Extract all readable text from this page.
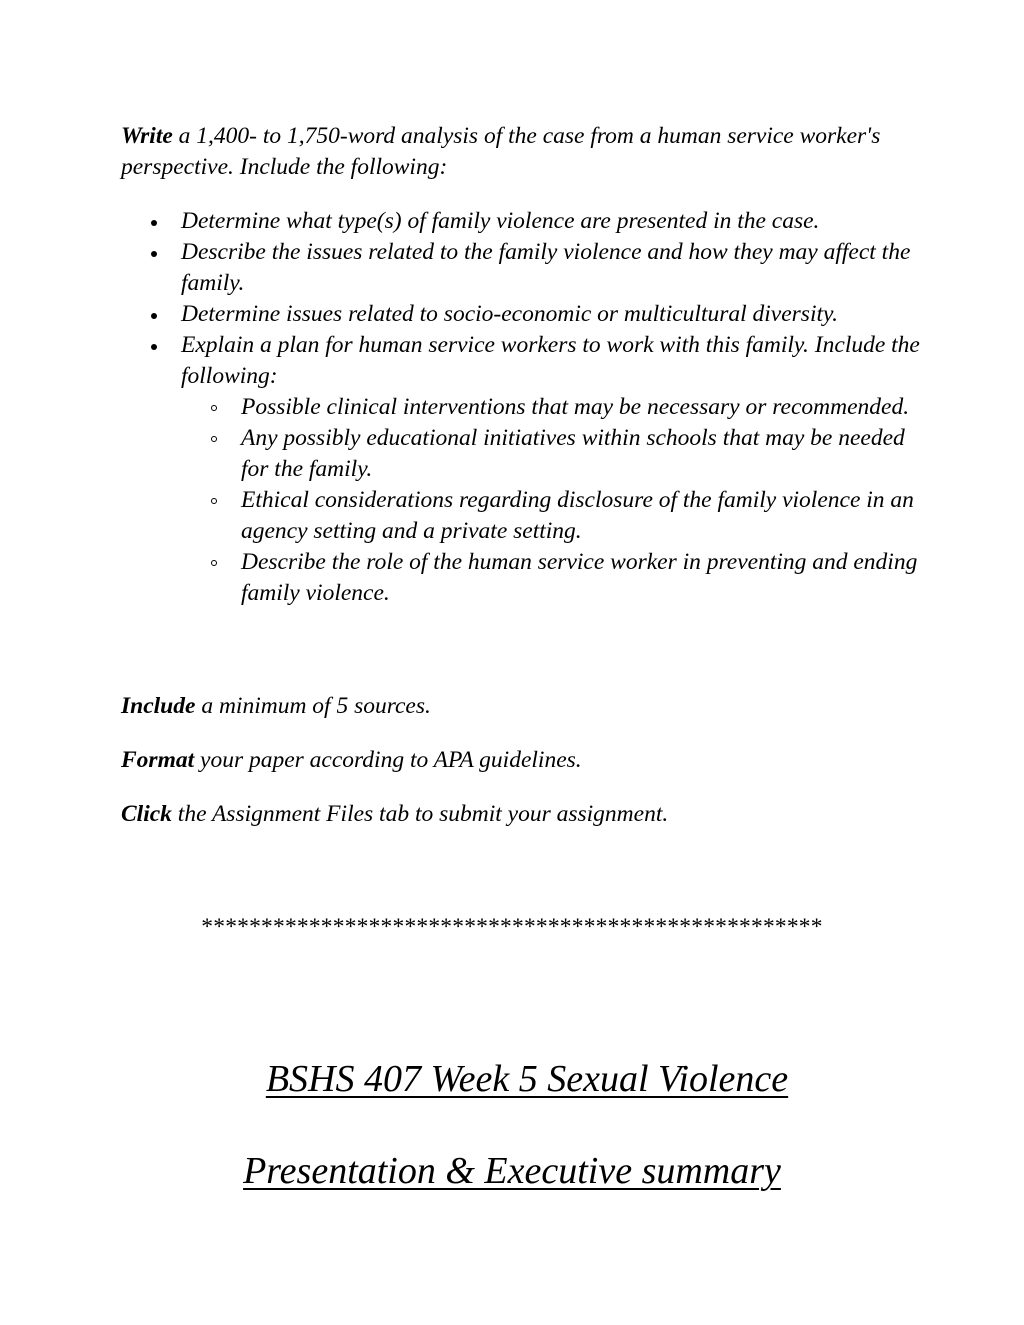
Write a 1,400- to 1,750-word analysis of the case from a human service worker's perspective. Include the following:

Determine what type(s) of family violence are presented in the case.
Describe the issues related to the family violence and how they may affect the family.
Determine issues related to socio-economic or multicultural diversity.
Explain a plan for human service workers to work with this family. Include the following:
Possible clinical interventions that may be necessary or recommended.
Any possibly educational initiatives within schools that may be needed for the family.
Ethical considerations regarding disclosure of the family violence in an agency setting and a private setting.
Describe the role of the human service worker in preventing and ending family violence.

Include a minimum of 5 sources.

Format your paper according to APA guidelines.

Click the Assignment Files tab to submit your assignment.

****************************************************
BSHS 407 Week 5 Sexual Violence
Presentation & Executive summary
